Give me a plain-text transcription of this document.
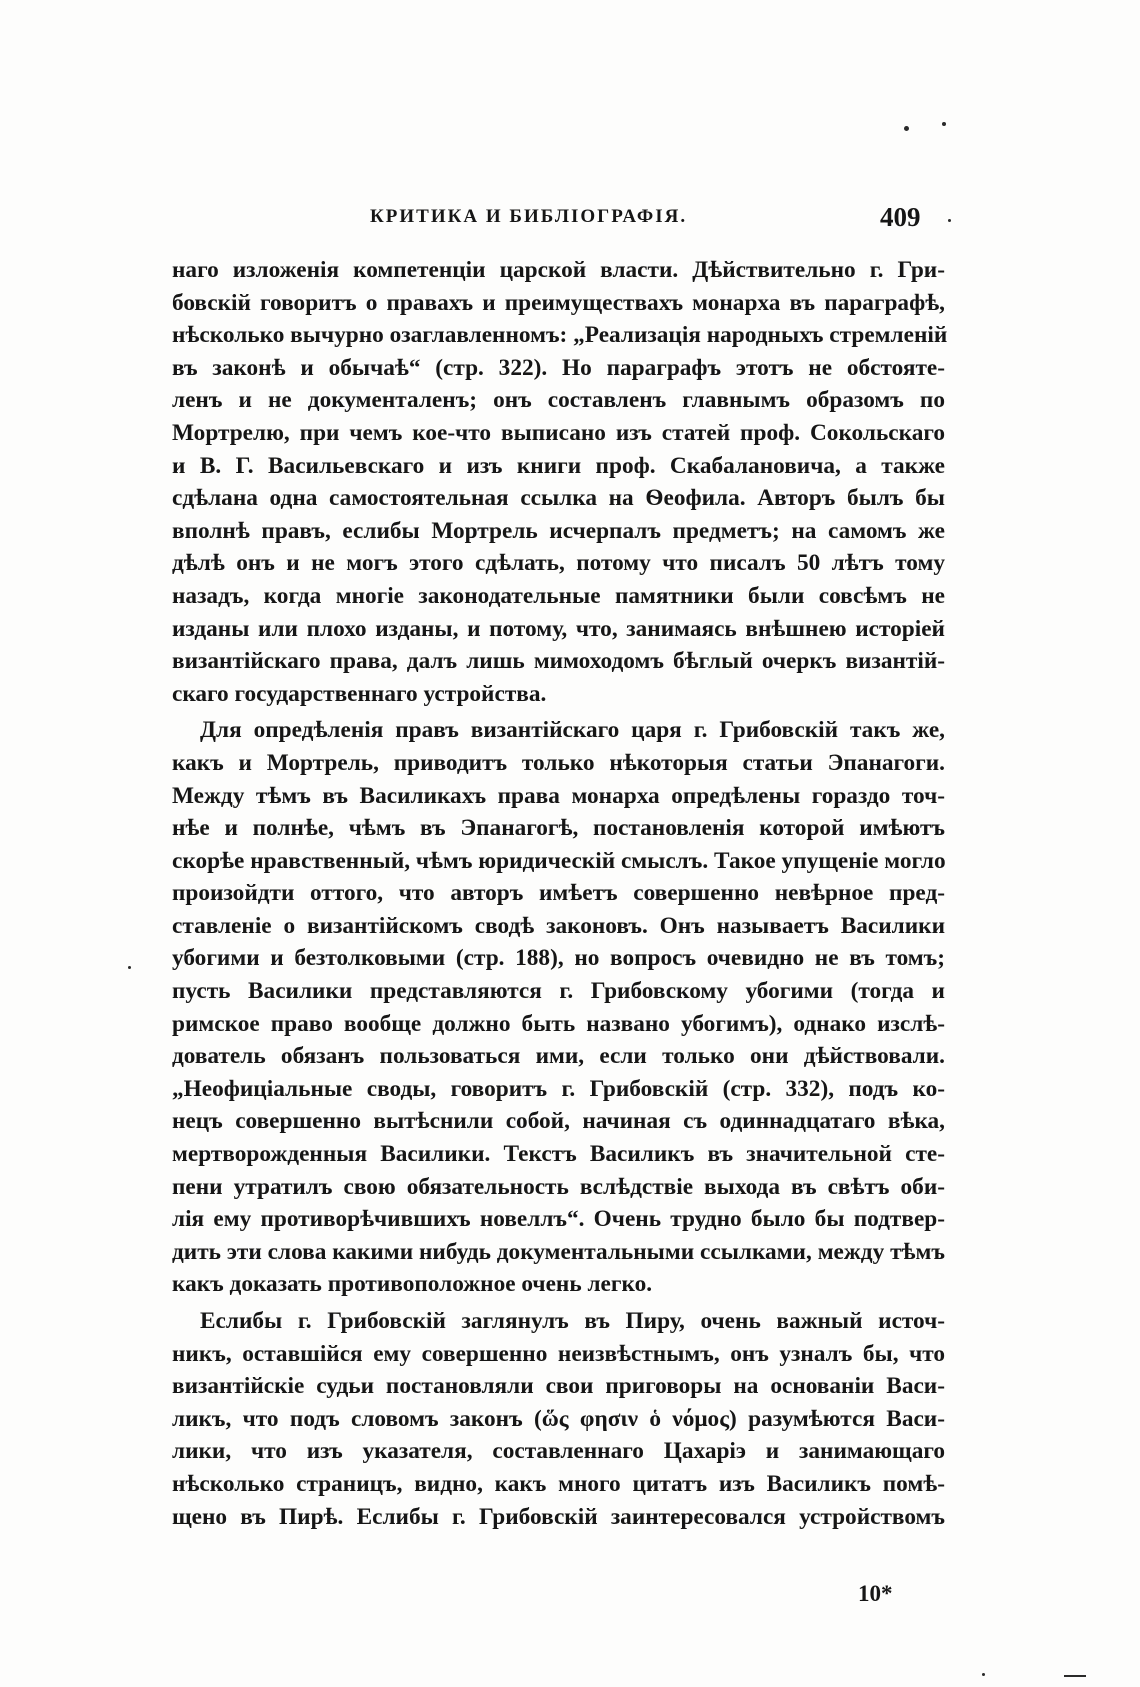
КРИТИКА И БИБЛIОГРАФIЯ.	409
наго изложенія компетенціи царской власти. Дѣйствительно г. Гри-
бовскій говоритъ о правахъ и преимуществахъ монарха въ параграфѣ,
нѣсколько вычурно озаглавленномъ: „Реализація народныхъ стремленій
въ законѣ и обычаѣ“ (стр. 322). Но параграфъ этотъ не обстояте-
ленъ и не документаленъ; онъ составленъ главнымъ образомъ по
Мортрелю, при чемъ кое-что выписано изъ статей проф. Сокольскаго
и В. Г. Васильевскаго и изъ книги проф. Скабалановича, а также
сдѣлана одна самостоятельная ссылка на Ѳеофила. Авторъ былъ бы
вполнѣ правъ, еслибы Мортрель исчерпалъ предметъ; на самомъ же
дѣлѣ онъ и не могъ этого сдѣлать, потому что писалъ 50 лѣтъ тому
назадъ, когда многіе законодательные памятники были совсѣмъ не
изданы или плохо изданы, и потому, что, занимаясь внѣшнею исторіей
византійскаго права, далъ лишь мимоходомъ бѣглый очеркъ византій-
скаго государственнаго устройства.
Для опредѣленія правъ византійскаго царя г. Грибовскій такъ же,
какъ и Мортрель, приводитъ только нѣкоторыя статьи Эпанагоги.
Между тѣмъ въ Василикахъ права монарха опредѣлены гораздо точ-
нѣе и полнѣе, чѣмъ въ Эпанагогѣ, постановленія которой имѣютъ
скорѣе нравственный, чѣмъ юридическій смыслъ. Такое упущеніе могло
произойдти оттого, что авторъ имѣетъ совершенно невѣрное пред-
ставленіе о византійскомъ сводѣ законовъ. Онъ называетъ Василики
убогими и безтолковыми (стр. 188), но вопросъ очевидно не въ томъ;
пусть Василики представляются г. Грибовскому убогими (тогда и
римское право вообще должно быть названо убогимъ), однако изслѣ-
дователь обязанъ пользоваться ими, если только они дѣйствовали.
„Неофиціальные своды, говоритъ г. Грибовскій (стр. 332), подъ ко-
нецъ совершенно вытѣснили собой, начиная съ одиннадцатаго вѣка,
мертворожденныя Василики. Текстъ Василикъ въ значительной сте-
пени утратилъ свою обязательность вслѣдствіе выхода въ свѣтъ оби-
лія ему противорѣчившихъ новеллъ“. Очень трудно было бы подтвер-
дить эти слова какими нибудь документальными ссылками, между тѣмъ
какъ доказать противоположное очень легко.
Еслибы г. Грибовскій заглянулъ въ Пиру, очень важный источ-
никъ, оставшійся ему совершенно неизвѣстнымъ, онъ узналъ бы, что
византійскіе судьи постановляли свои приговоры на основаніи Васи-
ликъ, что подъ словомъ законъ (ὥς φησιν ὁ νόμος) разумѣются Васи-
лики, что изъ указателя, составленнаго Цахаріэ и занимающаго
нѣсколько страницъ, видно, какъ много цитатъ изъ Василикъ помѣ-
щено въ Пирѣ. Еслибы г. Грибовскій заинтересовался устройствомъ
10*
